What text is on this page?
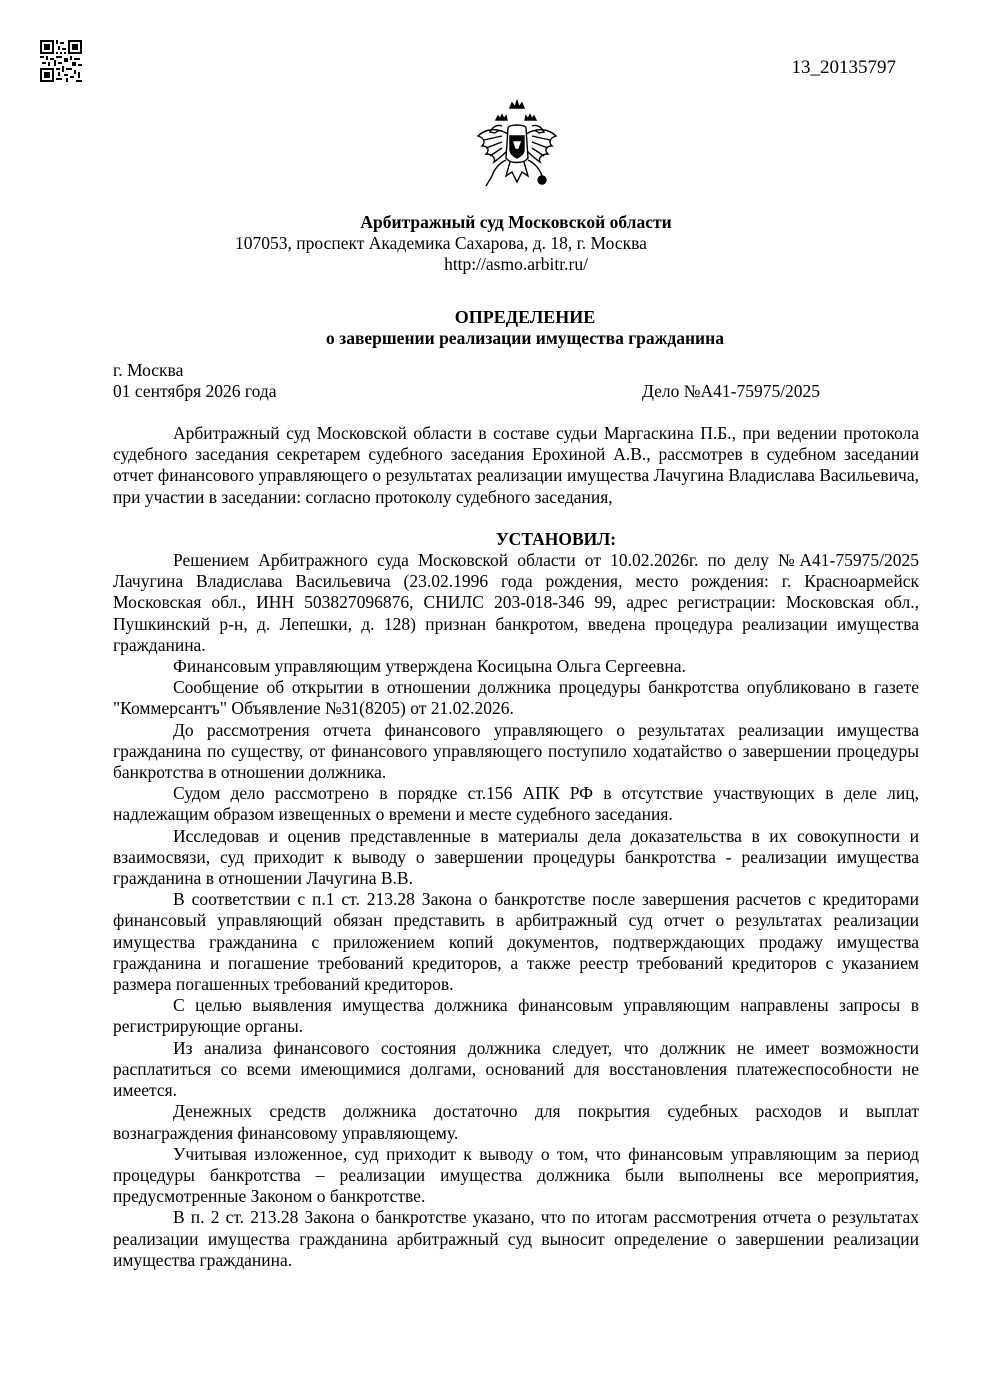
13_20135797
Арбитражный суд Московской области
107053, проспект Академика Сахарова, д. 18, г. Москва
http://asmo.arbitr.ru/
ОПРЕДЕЛЕНИЕ
о завершении реализации имущества гражданина
г. Москва
01 сентября 2026 года	Дело №А41-75975/2025

Арбитражный суд Московской области в составе судьи Маргаскина П.Б., при ведении протокола судебного заседания секретарем судебного заседания Ерохиной А.В., рассмотрев в судебном заседании отчет финансового управляющего о результатах реализации имущества Лачугина Владислава Васильевича, при участии в заседании: согласно протоколу судебного заседания,

УСТАНОВИЛ:

Решением Арбитражного суда Московской области от 10.02.2026г. по делу №А41-75975/2025 Лачугина Владислава Васильевича (23.02.1996 года рождения, место рождения: г. Красноармейск Московская обл., ИНН 503827096876, СНИЛС 203-018-346 99, адрес регистрации: Московская обл., Пушкинский р-н, д. Лепешки, д. 128) признан банкротом, введена процедура реализации имущества гражданина.

Финансовым управляющим утверждена Косицына Ольга Сергеевна.

Сообщение об открытии в отношении должника процедуры банкротства опубликовано в газете "Коммерсантъ" Объявление №31(8205) от 21.02.2026.

До рассмотрения отчета финансового управляющего о результатах реализации имущества гражданина по существу, от финансового управляющего поступило ходатайство о завершении процедуры банкротства в отношении должника.

Судом дело рассмотрено в порядке ст.156 АПК РФ в отсутствие участвующих в деле лиц, надлежащим образом извещенных о времени и месте судебного заседания.

Исследовав и оценив представленные в материалы дела доказательства в их совокупности и взаимосвязи, суд приходит к выводу о завершении процедуры банкротства - реализации имущества гражданина в отношении Лачугина В.В.

В соответствии с п.1 ст. 213.28 Закона о банкротстве после завершения расчетов с кредиторами финансовый управляющий обязан представить в арбитражный суд отчет о результатах реализации имущества гражданина с приложением копий документов, подтверждающих продажу имущества гражданина и погашение требований кредиторов, а также реестр требований кредиторов с указанием размера погашенных требований кредиторов.

С целью выявления имущества должника финансовым управляющим направлены запросы в регистрирующие органы.

Из анализа финансового состояния должника следует, что должник не имеет возможности расплатиться со всеми имеющимися долгами, оснований для восстановления платежеспособности не имеется.

Денежных средств должника достаточно для покрытия судебных расходов и выплат вознаграждения финансовому управляющему.

Учитывая изложенное, суд приходит к выводу о том, что финансовым управляющим за период процедуры банкротства – реализации имущества должника были выполнены все мероприятия, предусмотренные Законом о банкротстве.

В п. 2 ст. 213.28 Закона о банкротстве указано, что по итогам рассмотрения отчета о результатах реализации имущества гражданина арбитражный суд выносит определение о завершении реализации имущества гражданина.
